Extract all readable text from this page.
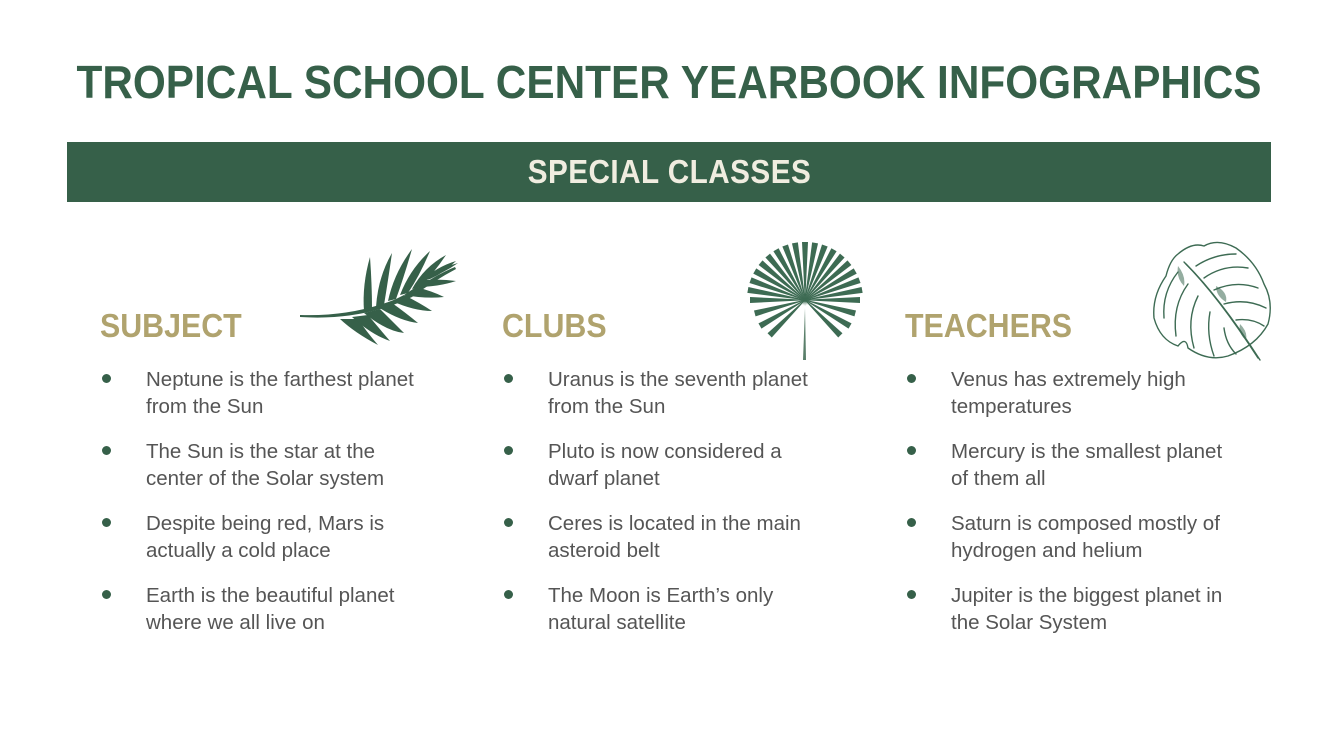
TROPICAL SCHOOL CENTER YEARBOOK INFOGRAPHICS
SPECIAL CLASSES
SUBJECT
Neptune is the farthest planet
from the Sun
The Sun is the star at the
center of the Solar system
Despite being red, Mars is
actually a cold place
Earth is the beautiful planet
where we all live on
CLUBS
Uranus is the seventh planet
from the Sun
Pluto is now considered a
dwarf planet
Ceres is located in the main
asteroid belt
The Moon is Earth’s only
natural satellite
TEACHERS
Venus has extremely high
temperatures
Mercury is the smallest planet
of them all
Saturn is composed mostly of
hydrogen and helium
Jupiter is the biggest planet in
the Solar System
